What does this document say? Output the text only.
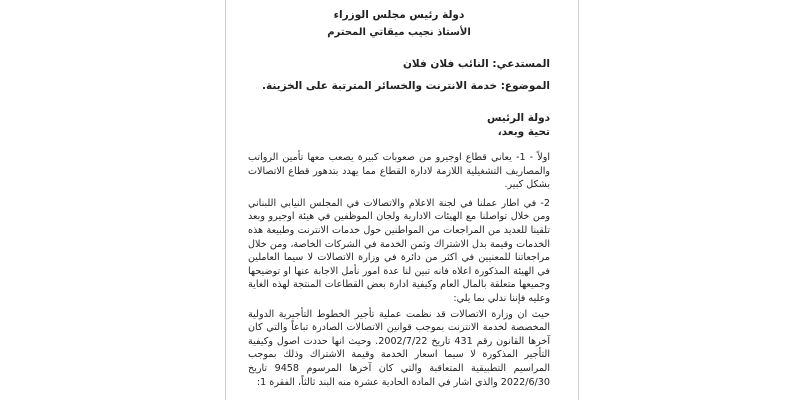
دولة رئيس مجلس الوزراء
الأستاذ نجيب ميقاتي المحترم
المستدعي: النائب فلان فلان
الموضوع: خدمة الانترنت والخسائر المترتبة على الخزينة.
دولة الرئيس
تحية وبعد،

اولاً - 1- يعاني قطاع اوجيرو من صعوبات كبيرة يصعب معها تأمين الرواتب والمصاريف التشغيلية اللازمة لادارة القطاع مما يهدد بتدهور قطاع الاتصالات بشكل كبير.

2- في اطار عملنا في لجنة الاعلام والاتصالات في المجلس النيابي اللبناني ومن خلال تواصلنا مع الهيئات الادارية ولجان الموظفين في هيئة اوجيرو وبعد تلقينا للعديد من المراجعات من المواطنين حول خدمات الانترنت وطبيعة هذه الخدمات وقيمة بدل الاشتراك وثمن الخدمة في الشركات الخاصة، ومن خلال مراجعاتنا للمعنيين في اكثر من دائرة في وزارة الاتصالات لا سيما العاملين في الهيئة المذكورة اعلاه فانه تبين لنا عدة امور نأمل الاجابة عنها او توضيحها وجميعها متعلقة بالمال العام وكيفية ادارة بعض القطاعات المنتجة لهذه الغاية وعليه فإننا ندلي بما يلي:

حيث ان وزارة الاتصالات قد نظمت عملية تأجير الخطوط التأجيرية الدولية المخصصة لخدمة الانترنت بموجب قوانين الاتصالات الصادرة تباعاً والتي كان آخرها القانون رقم 431 تاريخ 2002/7/22. وحيث انها حددت اصول وكيفية التأجير المذكورة لا سيما اسعار الخدمة وقيمة الاشتراك وذلك بموجب المراسيم التطبيقية المتعاقبة والتي كان آخرها المرسوم 9458 تاريخ 2022/6/30 والذي اشار في المادة الحادية عشرة منه البند ثالثاً، الفقرة 1:
